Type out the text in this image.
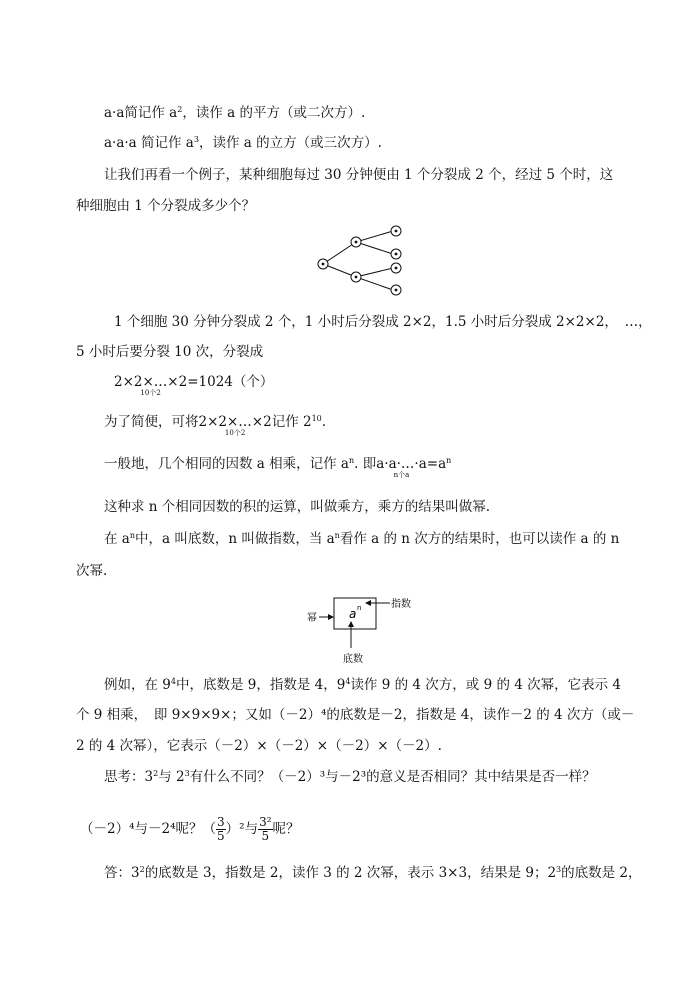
a·a简记作 $a^2$，读作 a 的平方（或二次方）.
a·a·a 简记作 $a^3$，读作 a 的立方（或三次方）.
让我们再看一个例子，某种细胞每过 30 分钟便由 1 个分裂成 2 个，经过 5 个时，这
种细胞由 1 个分裂成多少个？
1 个细胞 30 分钟分裂成 2 个，1 小时后分裂成 2×2，1.5 小时后分裂成 2×2×2，　…，
5 小时后要分裂 10 次，分裂成
2×2×…×2
10个2
=1024（个）
为了简便，可将2×2×…×2
10个2
记作 $2^{10}$.
一般地，几个相同的因数 a 相乘，记作 $a^n$. 即a·a·…·a
n个a
$=a^n$
这种求 n 个相同因数的积的运算，叫做乘方，乘方的结果叫做幂.
在 $a^n$中，a 叫底数，n 叫做指数，当 $a^n$看作 a 的 n 次方的结果时，也可以读作 a 的 n
次幂.
a n
幂
指数
底数
例如，在 $9^4$中，底数是 9，指数是 4，$9^4$读作 9 的 4 次方，或 9 的 4 次幂，它表示 4
个 9 相乘，　即 9×9×9×；又如（－2）⁴的底数是－2，指数是 4，读作－2 的 4 次方（或－
2 的 4 次幂），它表示（－2）×（－2）×（－2）×（－2）.
思考：$3^2$与 $2^3$有什么不同？（－2）³与－2³的意义是否相同？其中结果是否一样？
（－2）⁴与－2⁴呢？（ $\frac{3}{5} )^2$与 $\frac{\text{3²}}{5}$ 呢？
答：$3^2$的底数是 3，指数是 2，读作 3 的 2 次幂，表示 3×3，结果是 9；$2^3$的底数是 2，
